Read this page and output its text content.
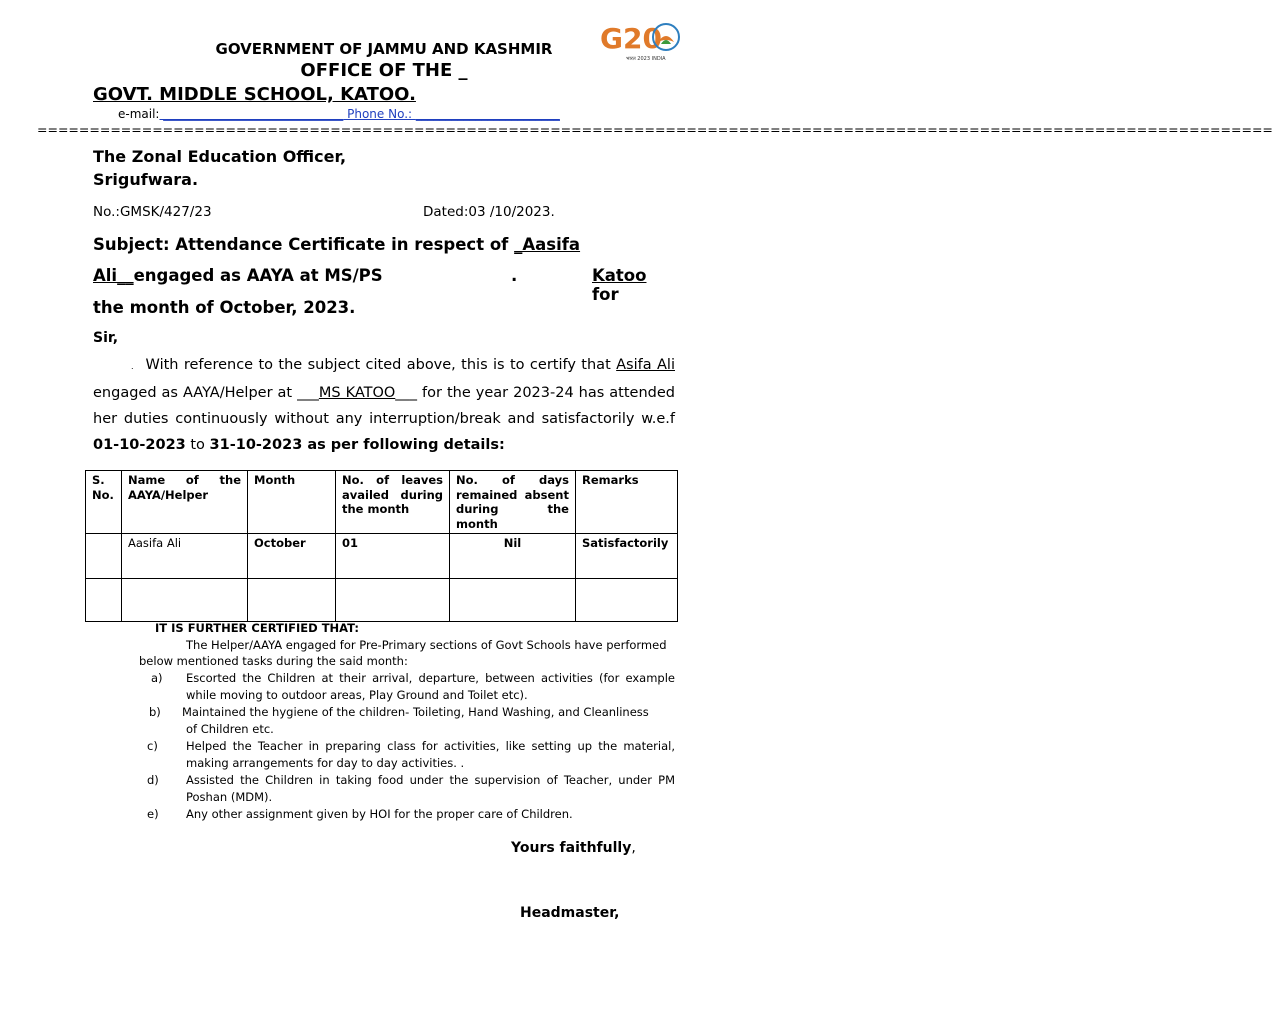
G20
भारत 2023 INDIA
GOVERNMENT OF JAMMU AND KASHMIR
OFFICE OF THE _
GOVT. MIDDLE SCHOOL, KATOO.
e-mail: ______________________________ Phone No.: ________________________
======================================================================================================================
The Zonal Education Officer,
Srigufwara.
No.:GMSK/427/23	Dated:03 /10/2023.
Subject: Attendance Certificate in respect of _Aasifa
Ali__engaged as AAYA at MS/PS	.	Katoo for
the month of October, 2023.
Sir,
. With reference to the subject cited above, this is to certify that Asifa Ali engaged as AAYA/Helper at ___MS KATOO___ for the year 2023-24 has attended her duties continuously without any interruption/break and satisfactorily w.e.f 01-10-2023 to 31-10-2023 as per following details:
S. No.	Name of the AAYA/Helper	Month	No. of leaves availed during the month	No. of days remained absent during the month	Remarks
	Aasifa Ali	October	01	Nil	Satisfactorily

IT IS FURTHER CERTIFIED THAT:
The Helper/AAYA engaged for Pre-Primary sections of Govt Schools have performed
below mentioned tasks during the said month:
a) Escorted the Children at their arrival, departure, between activities (for example
while moving to outdoor areas, Play Ground and Toilet etc).
b) Maintained the hygiene of the children- Toileting, Hand Washing, and Cleanliness
of Children etc.
c) Helped the Teacher in preparing class for activities, like setting up the material,
making arrangements for day to day activities. .
d) Assisted the Children in taking food under the supervision of Teacher, under PM
Poshan (MDM).
e) Any other assignment given by HOI for the proper care of Children.
Yours faithfully,
Headmaster,
